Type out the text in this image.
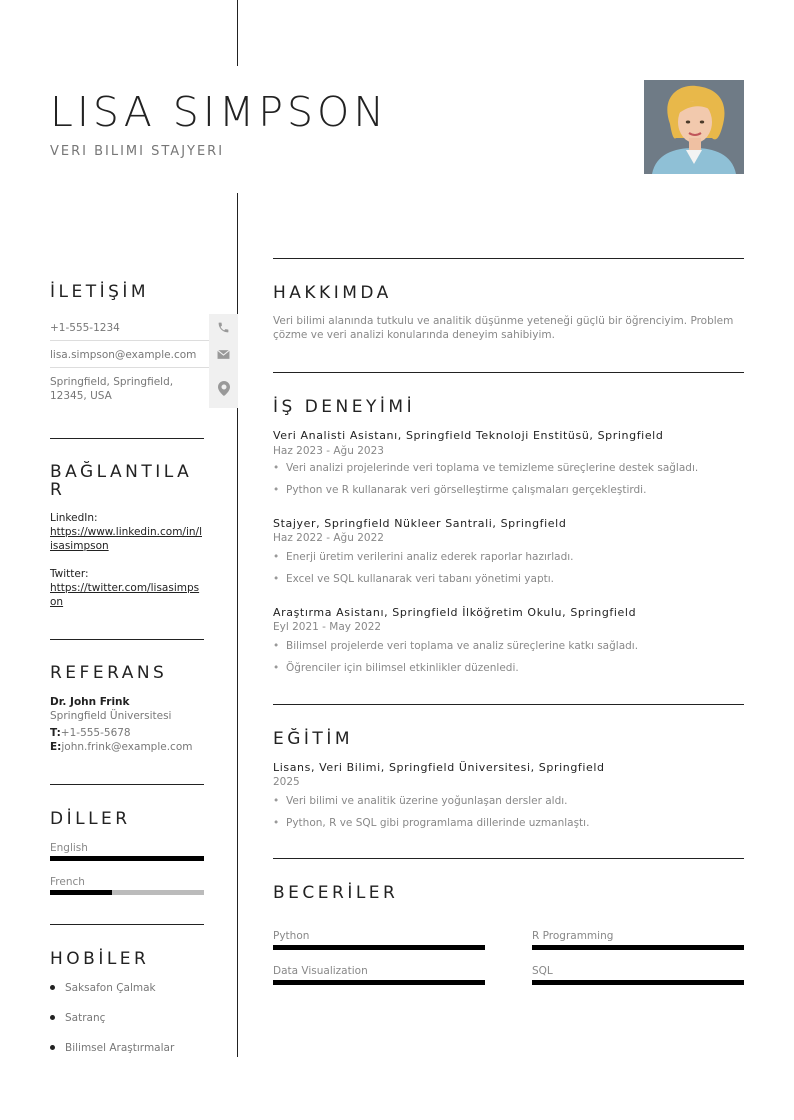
LISA SIMPSON
VERI BILIMI STAJYERI
İLETİŞİM
+1-555-1234
lisa.simpson@example.com
Springfield, Springfield, 12345, USA
BAĞLANTILA R
LinkedIn:
https://www.linkedin.com/in/lisasimpson
Twitter:
https://twitter.com/lisasimpson
REFERANS
Dr. John Frink
Springfield Üniversitesi
T:+1-555-5678
E:john.frink@example.com
DİLLER
English
French
HOBİLER
Saksafon Çalmak
Satranç
Bilimsel Araştırmalar
HAKKIMDA
Veri bilimi alanında tutkulu ve analitik düşünme yeteneği güçlü bir öğrenciyim. Problem çözme ve veri analizi konularında deneyim sahibiyim.
İŞ DENEYİMİ
Veri Analisti Asistanı, Springfield Teknoloji Enstitüsü, Springfield
Haz 2023 - Ağu 2023
• Veri analizi projelerinde veri toplama ve temizleme süreçlerine destek sağladı.
• Python ve R kullanarak veri görselleştirme çalışmaları gerçekleştirdi.
Stajyer, Springfield Nükleer Santrali, Springfield
Haz 2022 - Ağu 2022
• Enerji üretim verilerini analiz ederek raporlar hazırladı.
• Excel ve SQL kullanarak veri tabanı yönetimi yaptı.
Araştırma Asistanı, Springfield İlköğretim Okulu, Springfield
Eyl 2021 - May 2022
• Bilimsel projelerde veri toplama ve analiz süreçlerine katkı sağladı.
• Öğrenciler için bilimsel etkinlikler düzenledi.
EĞİTİM
Lisans, Veri Bilimi, Springfield Üniversitesi, Springfield
2025
• Veri bilimi ve analitik üzerine yoğunlaşan dersler aldı.
• Python, R ve SQL gibi programlama dillerinde uzmanlaştı.
BECERİLER
Python	R Programming
Data Visualization	SQL
